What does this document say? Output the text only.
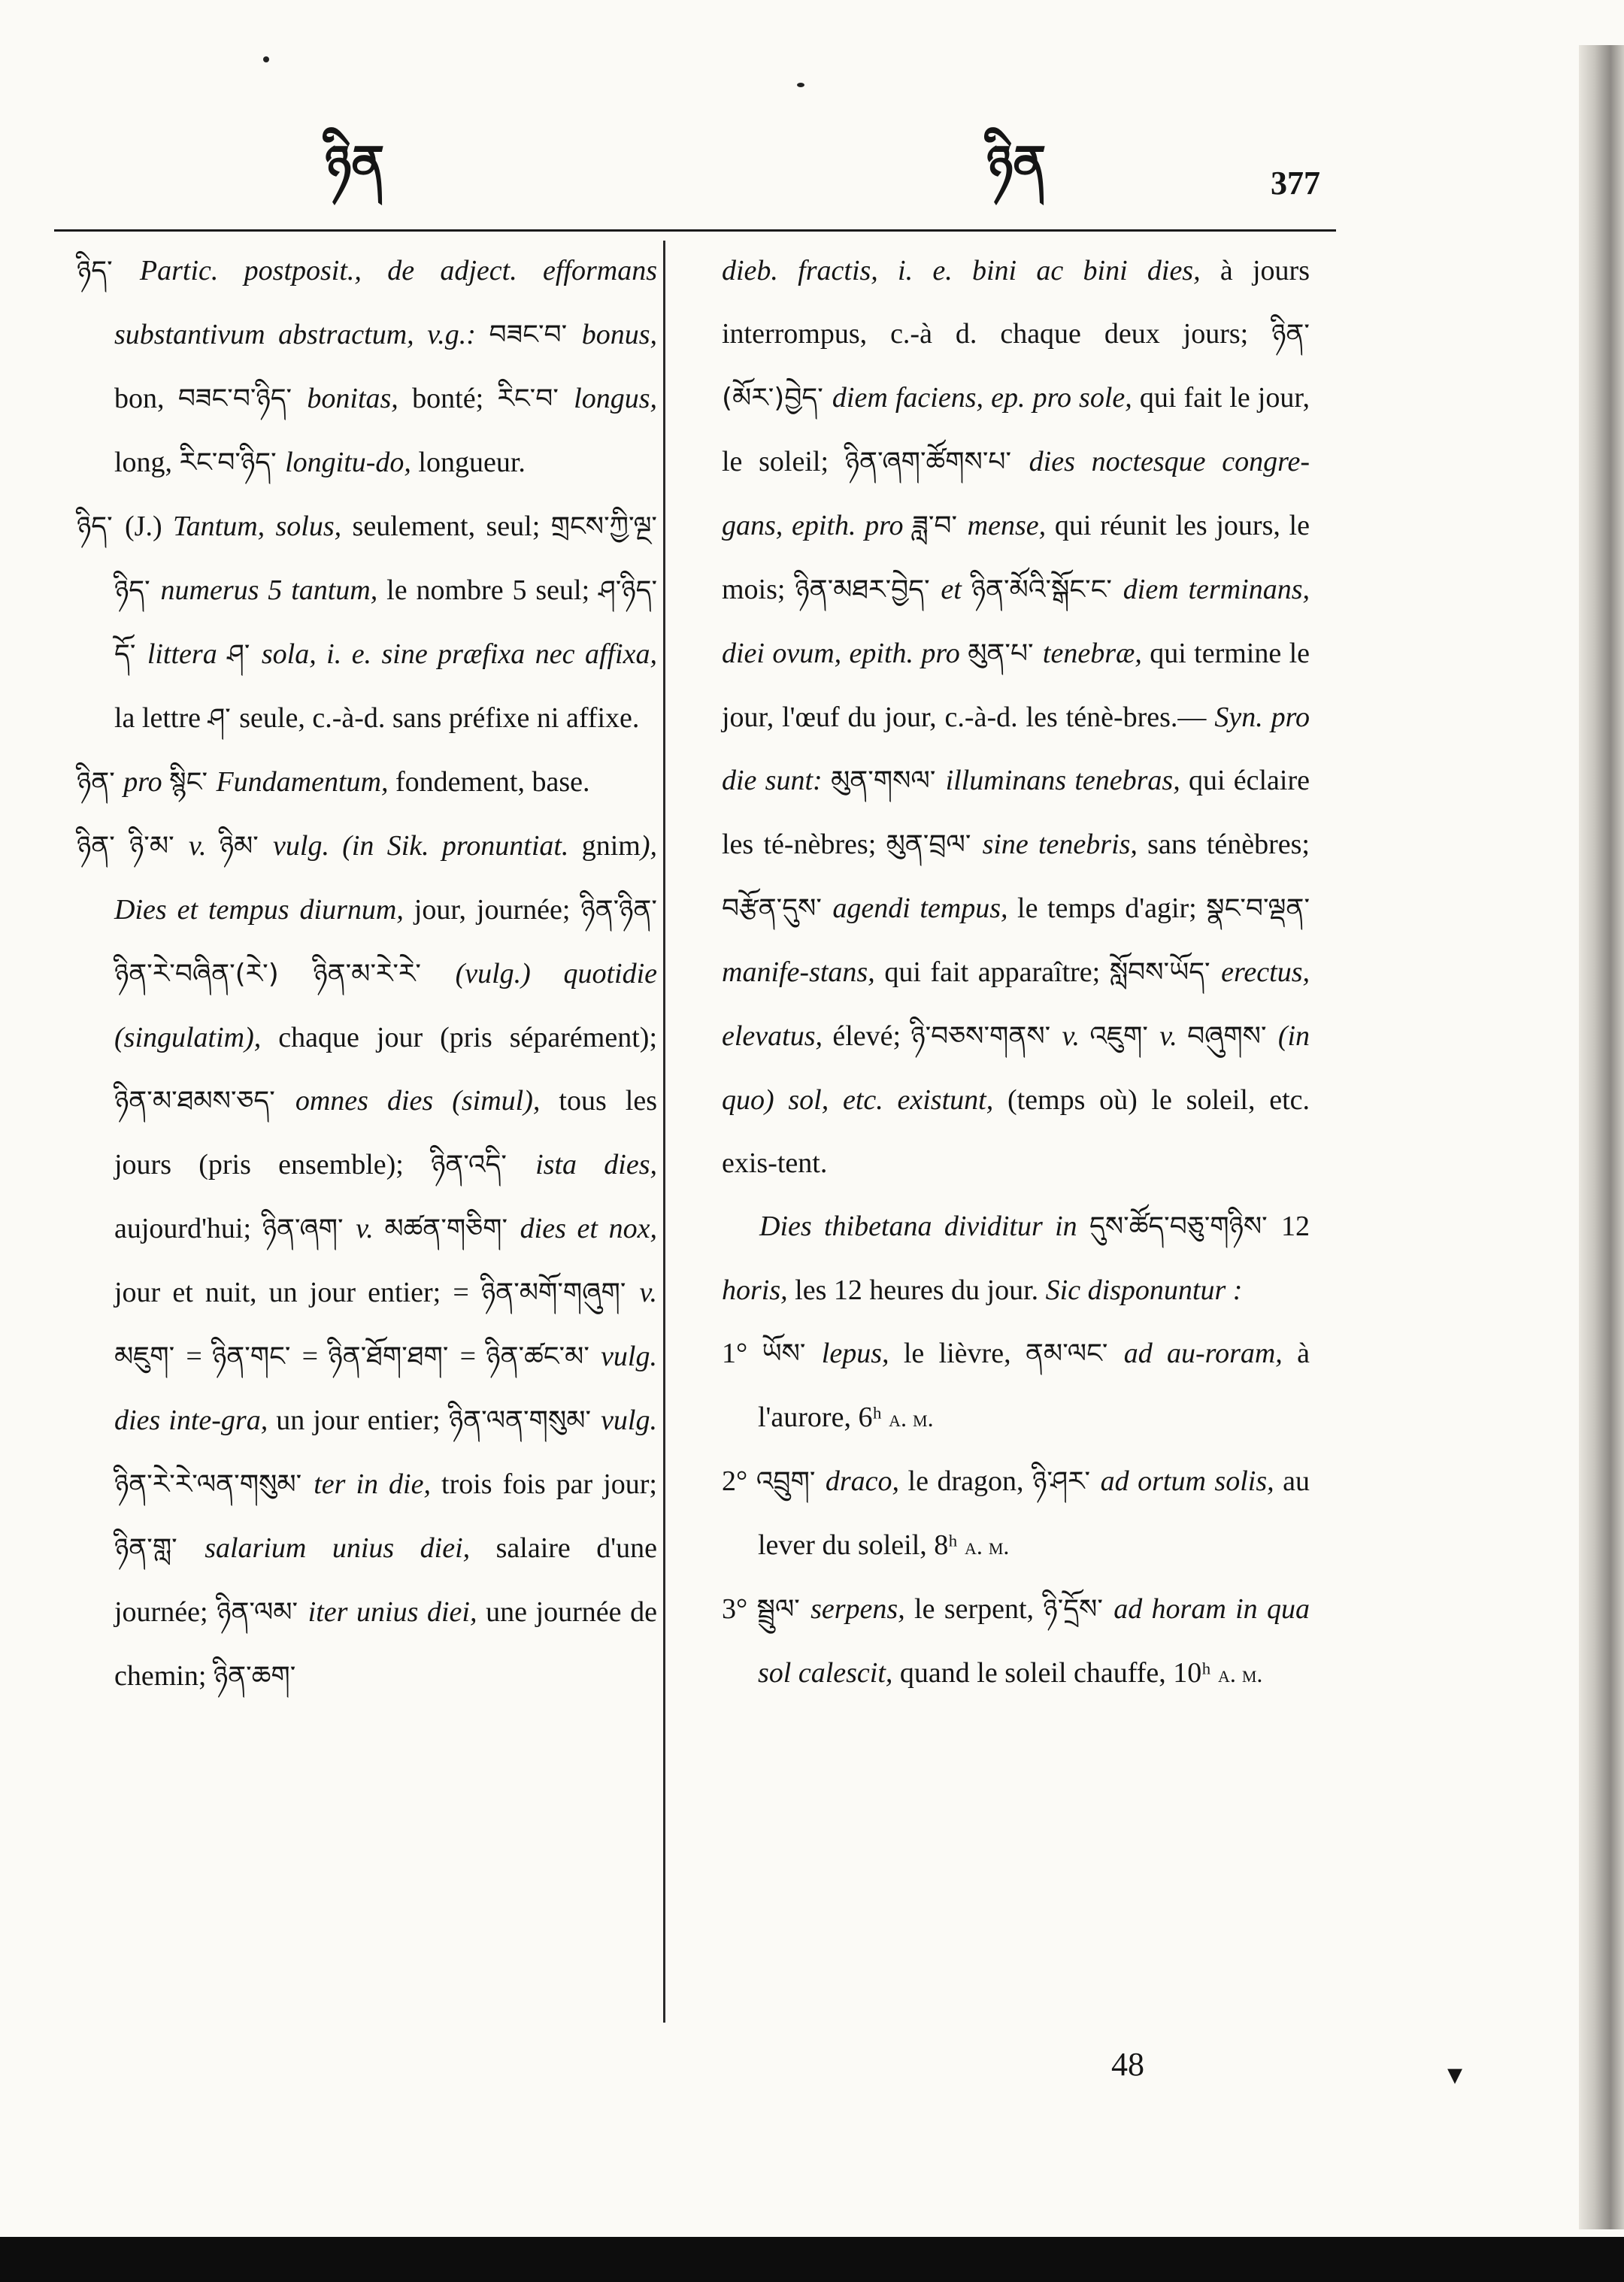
ཉིན	ཉིན	377

ཉིད་ Partic. postposit., de adject. efformans substantivum abstractum, v.g.: བཟང་བ་ bonus, bon, བཟང་བ་ཉིད་ bonitas, bonté; རིང་བ་ longus, long, རིང་བ་ཉིད་ longitu-do, longueur.

ཉིད་ (J.) Tantum, solus, seulement, seul; གྲངས་ཀྱི་ལྔ་ཉིད་ numerus 5 tantum, le nombre 5 seul; ཤ་ཉིད་དོ་ littera ཤ་ sola, i. e. sine præfixa nec affixa, la lettre ཤ་ seule, c.-à-d. sans préfixe ni affixe.

ཉིན་ pro སྙིང་ Fundamentum, fondement, base.

ཉིན་ ཉི་མ་ v. ཉིམ་ vulg. (in Sik. pronuntiat. gnim), Dies et tempus diurnum, jour, journée; ཉིན་ཉིན་ ཉིན་རེ་བཞིན་(རེ་) ཉིན་མ་རེ་རེ་ (vulg.) quotidie (singulatim), chaque jour (pris séparément); ཉིན་མ་ཐམས་ཅད་ omnes dies (simul), tous les jours (pris ensemble); ཉིན་འདི་ ista dies, aujourd'hui; ཉིན་ཞག་ v. མཚན་གཅིག་ dies et nox, jour et nuit, un jour entier; = ཉིན་མགོ་གཞུག་ v. མཇུག་ = ཉིན་གང་ = ཉིན་ཐོག་ཐག་ = ཉིན་ཚང་མ་ vulg. dies inte-gra, un jour entier; ཉིན་ལན་གསུམ་ vulg. ཉིན་རེ་རེ་ལན་གསུམ་ ter in die, trois fois par jour; ཉིན་གླ་ salarium unius diei, salaire d'une journée; ཉིན་ལམ་ iter unius diei, une journée de chemin; ཉིན་ཆག་

dieb. fractis, i. e. bini ac bini dies, à jours interrompus, c.-à d. chaque deux jours; ཉིན་(མོར་)བྱེད་ diem faciens, ep. pro sole, qui fait le jour, le soleil; ཉིན་ཞག་ཚོགས་པ་ dies noctesque congre-gans, epith. pro ཟླ་བ་ mense, qui réunit les jours, le mois; ཉིན་མཐར་བྱེད་ et ཉིན་མོའི་སྒོང་ང་ diem terminans, diei ovum, epith. pro མུན་པ་ tenebræ, qui termine le jour, l'œuf du jour, c.-à-d. les ténè-bres.— Syn. pro die sunt: མུན་གསལ་ illuminans tenebras, qui éclaire les té-nèbres; མུན་བྲལ་ sine tenebris, sans ténèbres; བརྩོན་དུས་ agendi tempus, le temps d'agir; སྣང་བ་ལྡན་ manife-stans, qui fait apparaître; སློབས་ཡོད་ erectus, elevatus, élevé; ཉི་བཅས་གནས་ v. འཇུག་ v. བཞུགས་ (in quo) sol, etc. existunt, (temps où) le soleil, etc. exis-tent.

Dies thibetana dividitur in དུས་ཚོད་བཅུ་གཉིས་ 12 horis, les 12 heures du jour. Sic disponuntur :

1° ཡོས་ lepus, le lièvre, ནམ་ལང་ ad au-roram, à l'aurore, 6ʰ a. m.

2° འབྲུག་ draco, le dragon, ཉི་ཤར་ ad ortum solis, au lever du soleil, 8ʰ a. m.

3° སྦྲུལ་ serpens, le serpent, ཉི་དྲོས་ ad horam in qua sol calescit, quand le soleil chauffe, 10ʰ a. m.

48	▾
